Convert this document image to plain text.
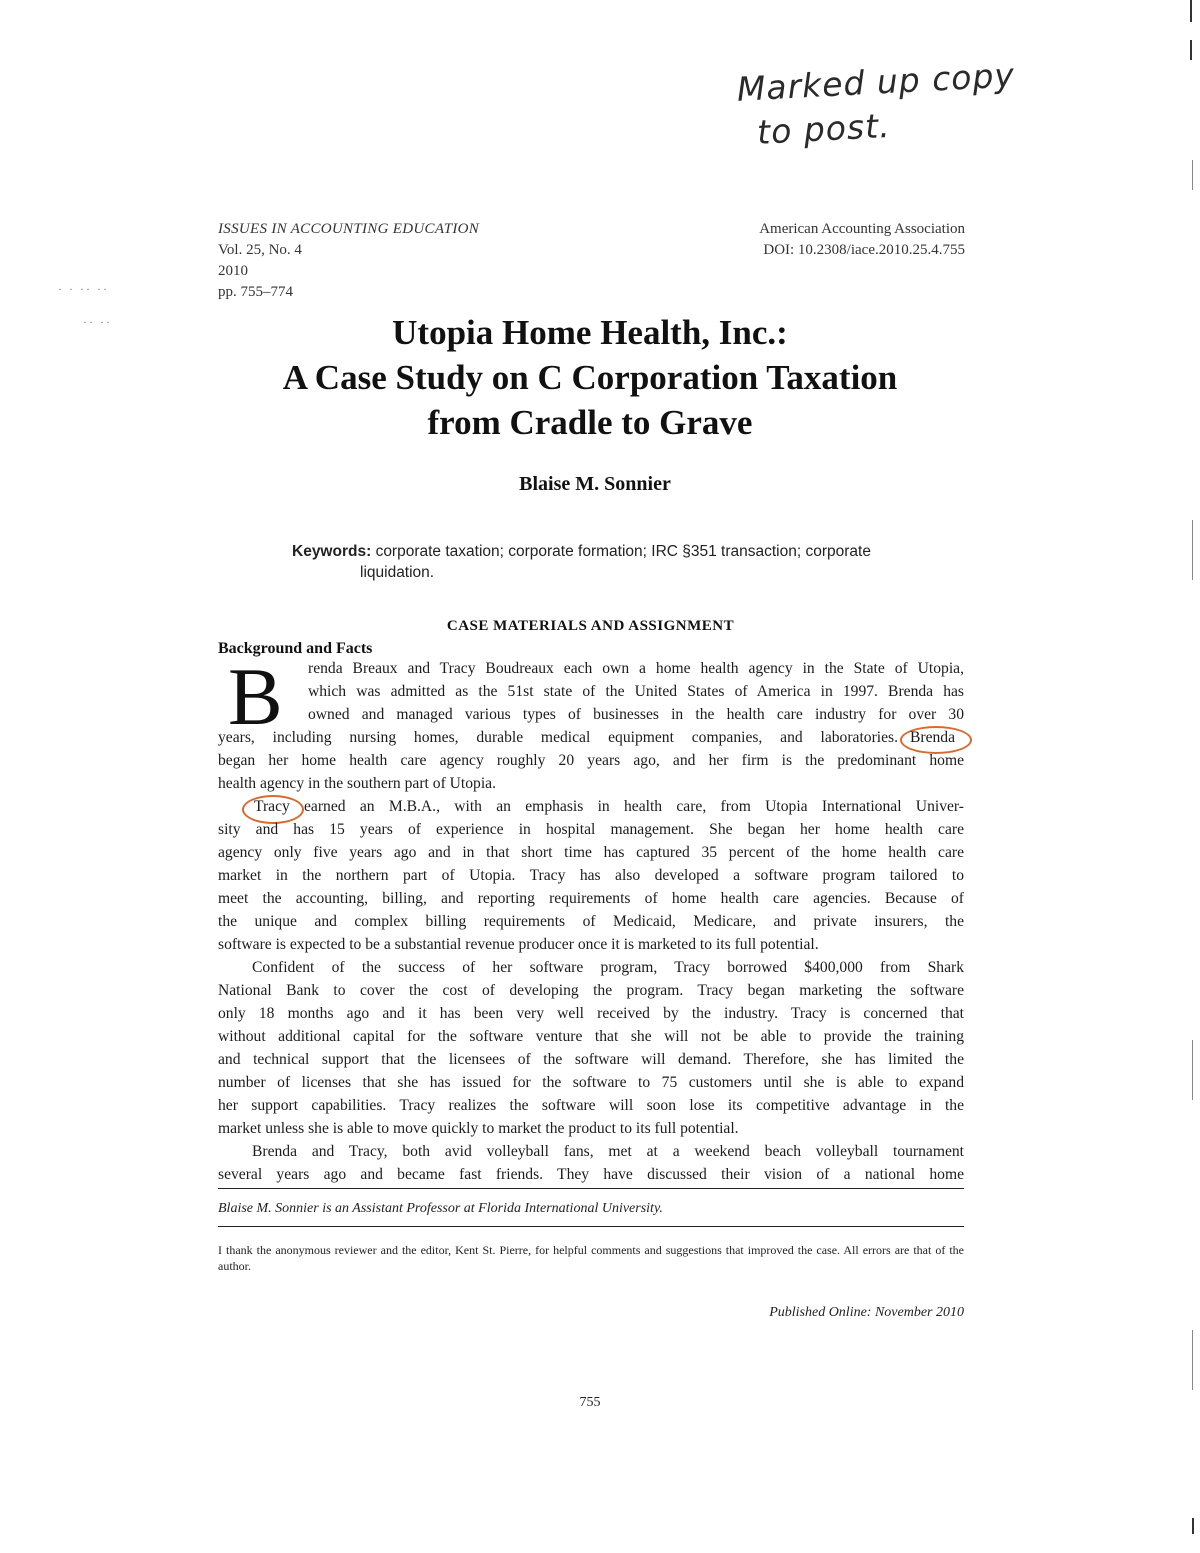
Marked up copy
to post.
ISSUES IN ACCOUNTING EDUCATION
Vol. 25, No. 4
2010
pp. 755–774
American Accounting Association
DOI: 10.2308/iace.2010.25.4.755
Utopia Home Health, Inc.:
A Case Study on C Corporation Taxation
from Cradle to Grave
Blaise M. Sonnier
Keywords: corporate taxation; corporate formation; IRC §351 transaction; corporate
liquidation.
CASE MATERIALS AND ASSIGNMENT
Background and Facts
B renda Breaux and Tracy Boudreaux each own a home health agency in the State of Utopia,
which was admitted as the 51st state of the United States of America in 1997. Brenda has
owned and managed various types of businesses in the health care industry for over 30
years, including nursing homes, durable medical equipment companies, and laboratories. Brenda
began her home health care agency roughly 20 years ago, and her firm is the predominant home
health agency in the southern part of Utopia.
Tracy earned an M.B.A., with an emphasis in health care, from Utopia International Univer-
sity and has 15 years of experience in hospital management. She began her home health care
agency only five years ago and in that short time has captured 35 percent of the home health care
market in the northern part of Utopia. Tracy has also developed a software program tailored to
meet the accounting, billing, and reporting requirements of home health care agencies. Because of
the unique and complex billing requirements of Medicaid, Medicare, and private insurers, the
software is expected to be a substantial revenue producer once it is marketed to its full potential.
Confident of the success of her software program, Tracy borrowed $400,000 from Shark
National Bank to cover the cost of developing the program. Tracy began marketing the software
only 18 months ago and it has been very well received by the industry. Tracy is concerned that
without additional capital for the software venture that she will not be able to provide the training
and technical support that the licensees of the software will demand. Therefore, she has limited the
number of licenses that she has issued for the software to 75 customers until she is able to expand
her support capabilities. Tracy realizes the software will soon lose its competitive advantage in the
market unless she is able to move quickly to market the product to its full potential.
Brenda and Tracy, both avid volleyball fans, met at a weekend beach volleyball tournament
several years ago and became fast friends. They have discussed their vision of a national home
Blaise M. Sonnier is an Assistant Professor at Florida International University.
I thank the anonymous reviewer and the editor, Kent St. Pierre, for helpful comments and suggestions that improved the case. All errors are that of the author.
Published Online: November 2010
755
· · ·· ··
·· ··
